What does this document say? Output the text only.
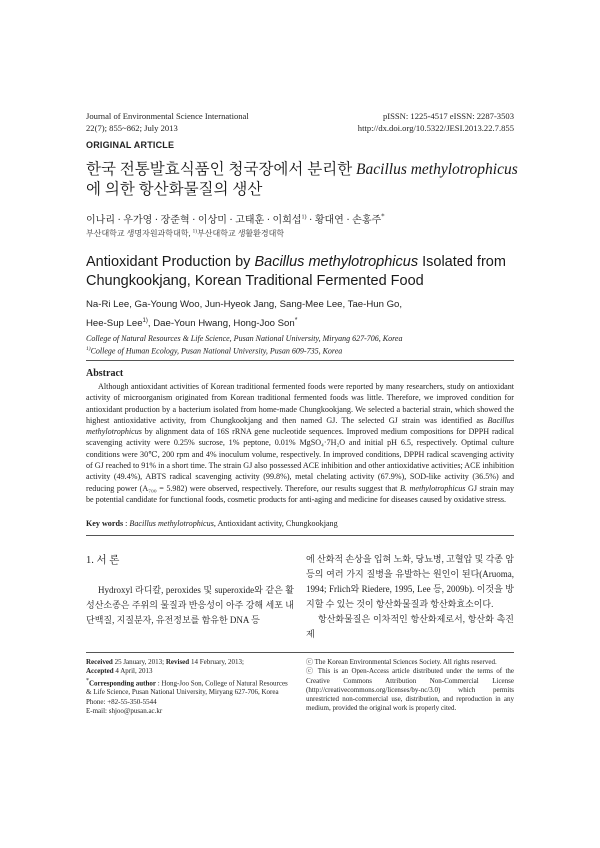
Journal of Environmental Science International
22(7); 855~862; July 2013
pISSN: 1225-4517 eISSN: 2287-3503
http://dx.doi.org/10.5322/JESI.2013.22.7.855
ORIGINAL ARTICLE
한국 전통발효식품인 청국장에서 분리한 Bacillus methylotrophicus에 의한 항산화물질의 생산
이나리 · 우가영 · 장준혁 · 이상미 · 고태훈 · 이희섭$^{1)}$ · 황대연 · 손홍주*
부산대학교 생명자원과학대학, $^{1)}$부산대학교 생활환경대학
Antioxidant Production by Bacillus methylotrophicus Isolated from Chungkookjang, Korean Traditional Fermented Food
Na-Ri Lee, Ga-Young Woo, Jun-Hyeok Jang, Sang-Mee Lee, Tae-Hun Go,
Hee-Sup Lee$^{1)}$, Dae-Youn Hwang, Hong-Joo Son*
College of Natural Resources & Life Science, Pusan National University, Miryang 627-706, Korea
$^{1)}$College of Human Ecology, Pusan National University, Pusan 609-735, Korea
Abstract
Although antioxidant activities of Korean traditional fermented foods were reported by many researchers, study on antioxidant activity of microorganism originated from Korean traditional fermented foods was little. Therefore, we improved condition for antioxidant production by a bacterium isolated from home-made Chungkookjang. We selected a bacterial strain, which showed the highest antioxidative activity, from Chungkookjang and then named GJ. The selected GJ strain was identified as Bacillus methylotrophicus by alignment data of 16S rRNA gene nucleotide sequences. Improved medium compositions for DPPH radical scavenging activity were 0.25% sucrose, 1% peptone, 0.01% MgSO₄·7H₂O and initial pH 6.5, respectively. Optimal culture conditions were 30℃, 200 rpm and 4% inoculum volume, respectively. In improved conditions, DPPH radical scavenging activity of GJ reached to 91% in a short time. The strain GJ also possessed ACE inhibition and other antioxidative activities; ACE inhibition activity (49.4%), ABTS radical scavenging activity (99.8%), metal chelating activity (67.9%), SOD-like activity (36.5%) and reducing power (A₇₀₀ = 5.982) were observed, respectively. Therefore, our results suggest that B. methylotrophicus GJ strain may be potential candidate for functional foods, cosmetic products for anti-aging and medicine for diseases caused by oxidative stress.
Key words : Bacillus methylotrophicus, Antioxidant activity, Chungkookjang
1. 서 론
Hydroxyl 라디칼, peroxides 및 superoxide와 같은 활성산소종은 주위의 물질과 반응성이 아주 강해 세포 내 단백질, 지질분자, 유전정보를 함유한 DNA 등
에 산화적 손상을 입혀 노화, 당뇨병, 고혈압 및 각종 암 등의 여러 가지 질병을 유발하는 원인이 된다(Aruoma, 1994; Frlich와 Riedere, 1995, Lee 등, 2009b). 이것을 방지할 수 있는 것이 항산화물질과 항산화효소이다.
항산화물질은 이차적인 항산화제로서, 항산화 촉진제
Received 25 January, 2013; Revised 14 February, 2013;
Accepted 4 April, 2013
*Corresponding author : Hong-Joo Son, College of Natural Resources & Life Science, Pusan National University, Miryang 627-706, Korea
Phone: +82-55-350-5544
E-mail: shjoo@pusan.ac.kr
ⓒ The Korean Environmental Sciences Society. All rights reserved.
ⓒ This is an Open-Access article distributed under the terms of the Creative Commons Attribution Non-Commercial License (http://creativecommons.org/licenses/by-nc/3.0) which permits unrestricted non-commercial use, distribution, and reproduction in any medium, provided the original work is properly cited.
